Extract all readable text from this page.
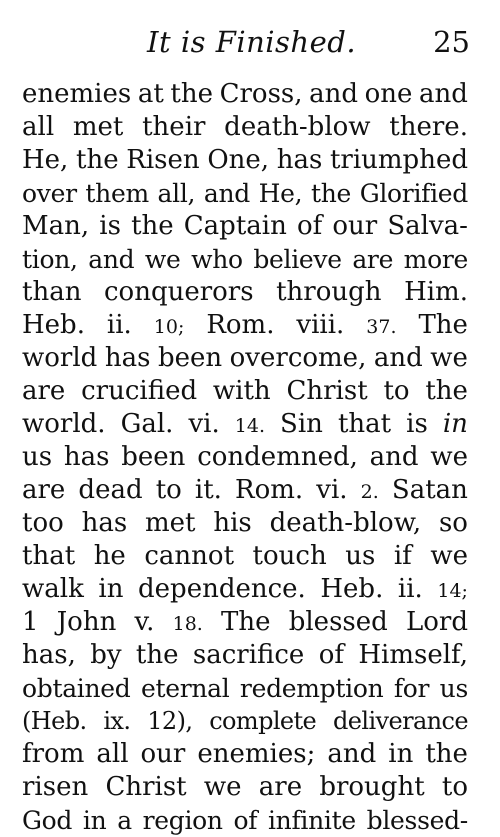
It is Finished.	25
enemies at the Cross, and one and
all met their death-blow there.
He, the Risen One, has triumphed
over them all, and He, the Glorified
Man, is the Captain of our Salva-
tion, and we who believe are more
than conquerors through Him.
Heb. ii. 10; Rom. viii. 37. The
world has been overcome, and we
are crucified with Christ to the
world. Gal. vi. 14. Sin that is in
us has been condemned, and we
are dead to it. Rom. vi. 2. Satan
too has met his death-blow, so
that he cannot touch us if we
walk in dependence. Heb. ii. 14;
1 John v. 18. The blessed Lord
has, by the sacrifice of Himself,
obtained eternal redemption for us
(Heb. ix. 12), complete deliverance
from all our enemies; and in the
risen Christ we are brought to
God in a region of infinite blessed-
